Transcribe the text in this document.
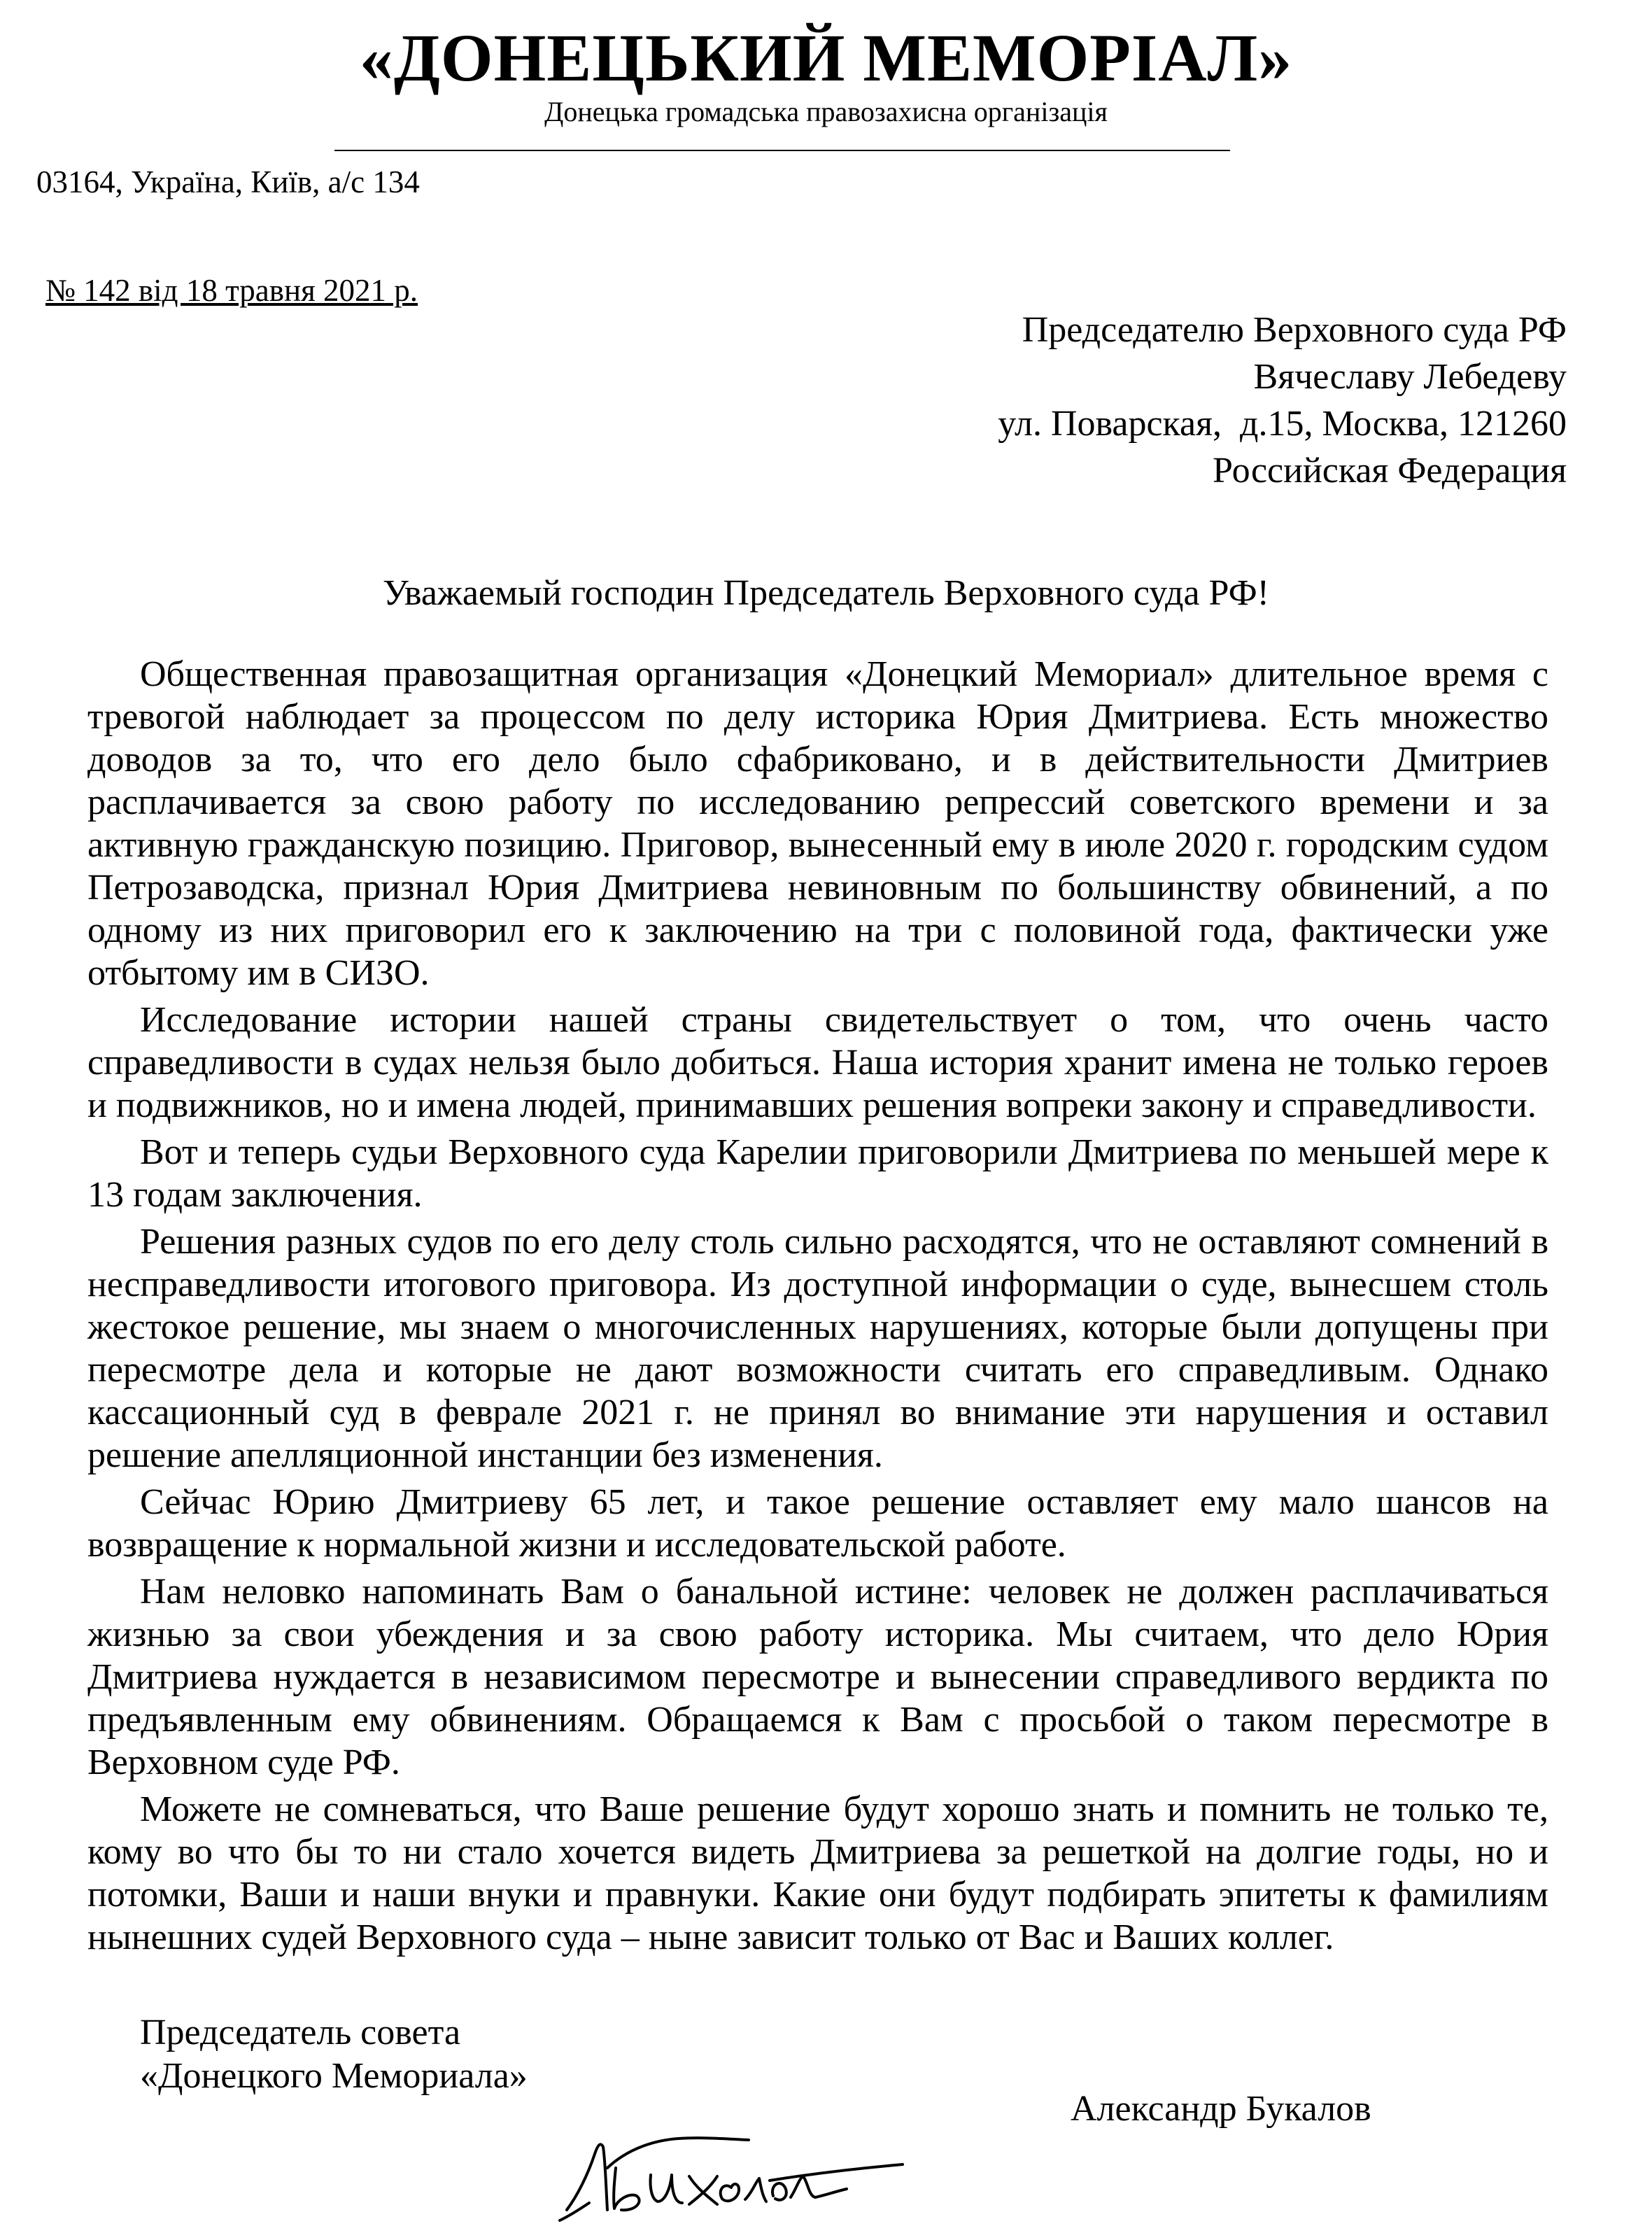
«ДОНЕЦЬКИЙ МЕМОРІАЛ»
Донецька громадська правозахисна організація
03164, Україна, Київ, а/с 134
№ 142 від 18 травня 2021 р.
Председателю Верховного суда РФ
Вячеславу Лебедеву
ул. Поварская,  д.15, Москва, 121260
Российская Федерация
Уважаемый господин Председатель Верховного суда РФ!

Общественная правозащитная организация «Донецкий Мемориал» длительное время с тревогой наблюдает за процессом по делу историка Юрия Дмитриева. Есть множество доводов за то, что его дело было сфабриковано, и в действительности Дмитриев расплачивается за свою работу по исследованию репрессий советского времени и за активную гражданскую позицию. Приговор, вынесенный ему в июле 2020 г. городским судом Петрозаводска, признал Юрия Дмитриева невиновным по большинству обвинений, а по одному из них приговорил его к заключению на три с половиной года, фактически уже отбытому им в СИЗО.

Исследование истории нашей страны свидетельствует о том, что очень часто справедливости в судах нельзя было добиться. Наша история хранит имена не только героев и подвижников, но и имена людей, принимавших решения вопреки закону и справедливости.

Вот и теперь судьи Верховного суда Карелии приговорили Дмитриева по меньшей мере к 13 годам заключения.

Решения разных судов по его делу столь сильно расходятся, что не оставляют сомнений в несправедливости итогового приговора. Из доступной информации о суде, вынесшем столь жестокое решение, мы знаем о многочисленных нарушениях, которые были допущены при пересмотре дела и которые не дают возможности считать его справедливым. Однако кассационный суд в феврале 2021 г. не принял во внимание эти нарушения и оставил решение апелляционной инстанции без изменения.

Сейчас Юрию Дмитриеву 65 лет, и такое решение оставляет ему мало шансов на возвращение к нормальной жизни и исследовательской работе.

Нам неловко напоминать Вам о банальной истине: человек не должен расплачиваться жизнью за свои убеждения и за свою работу историка. Мы считаем, что дело Юрия Дмитриева нуждается в независимом пересмотре и вынесении справедливого вердикта по предъявленным ему обвинениям. Обращаемся к Вам с просьбой о таком пересмотре в Верховном суде РФ.

Можете не сомневаться, что Ваше решение будут хорошо знать и помнить не только те, кому во что бы то ни стало хочется видеть Дмитриева за решеткой на долгие годы, но и потомки, Ваши и наши внуки и правнуки. Какие они будут подбирать эпитеты к фамилиям нынешних судей Верховного суда – ныне зависит только от Вас и Ваших коллег.

Председатель совета
«Донецкого Мемориала»
Александр Букалов
